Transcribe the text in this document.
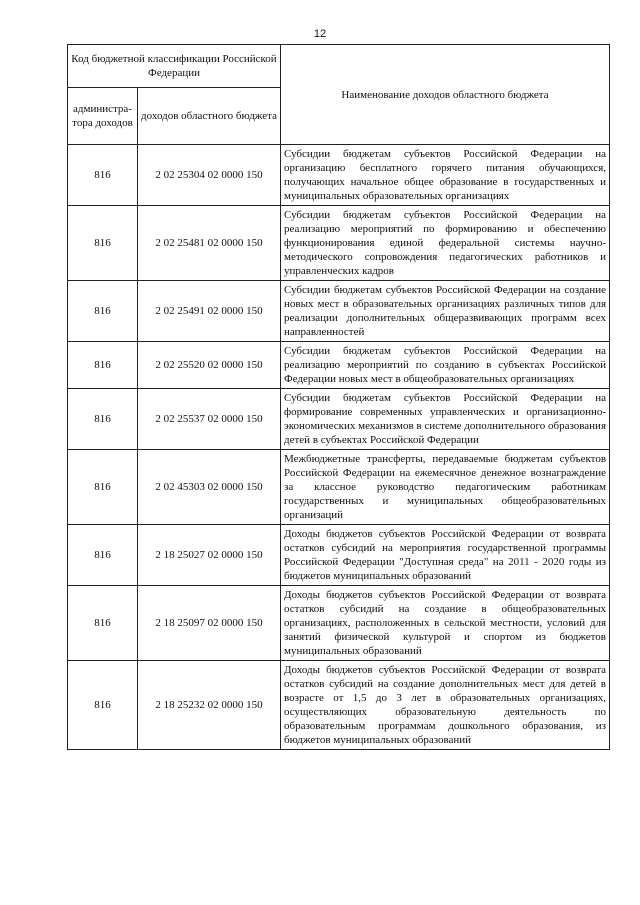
12
Код бюджетной классификации Российской Федерации		Наименование доходов областного бюджета
администра-тора доходов	доходов областного бюджета	
816	2 02 25304 02 0000 150	Субсидии бюджетам субъектов Российской Федерации на организацию бесплатного горячего питания обучающихся, получающих начальное общее образование в государственных и муниципальных образовательных организациях
816	2 02 25481 02 0000 150	Субсидии бюджетам субъектов Российской Федерации на реализацию мероприятий по формированию и обеспечению функционирования единой федеральной системы научно-методического сопровождения педагогических работников и управленческих кадров
816	2 02 25491 02 0000 150	Субсидии бюджетам субъектов Российской Федерации на создание новых мест в образовательных организациях различных типов для реализации дополнительных общеразвивающих программ всех направленностей
816	2 02 25520 02 0000 150	Субсидии бюджетам субъектов Российской Федерации на реализацию мероприятий по созданию в субъектах Российской Федерации новых мест в общеобразовательных организациях
816	2 02 25537 02 0000 150	Субсидии бюджетам субъектов Российской Федерации на формирование современных управленческих и организационно-экономических механизмов в системе дополнительного образования детей в субъектах Российской Федерации
816	2 02 45303 02 0000 150	Межбюджетные трансферты, передаваемые бюджетам субъектов Российской Федерации на ежемесячное денежное вознаграждение за классное руководство педагогическим работникам государственных и муниципальных общеобразовательных организаций
816	2 18 25027 02 0000 150	Доходы бюджетов субъектов Российской Федерации от возврата остатков субсидий на мероприятия государственной программы Российской Федерации "Доступная среда" на 2011 - 2020 годы из бюджетов муниципальных образований
816	2 18 25097 02 0000 150	Доходы бюджетов субъектов Российской Федерации от возврата остатков субсидий на создание в общеобразовательных организациях, расположенных в сельской местности, условий для занятий физической культурой и спортом из бюджетов муниципальных образований
816	2 18 25232 02 0000 150	Доходы бюджетов субъектов Российской Федерации от возврата остатков субсидий на создание дополнительных мест для детей в возрасте от 1,5 до 3 лет в образовательных организациях, осуществляющих образовательную деятельность по образовательным программам дошкольного образования, из бюджетов муниципальных образований
